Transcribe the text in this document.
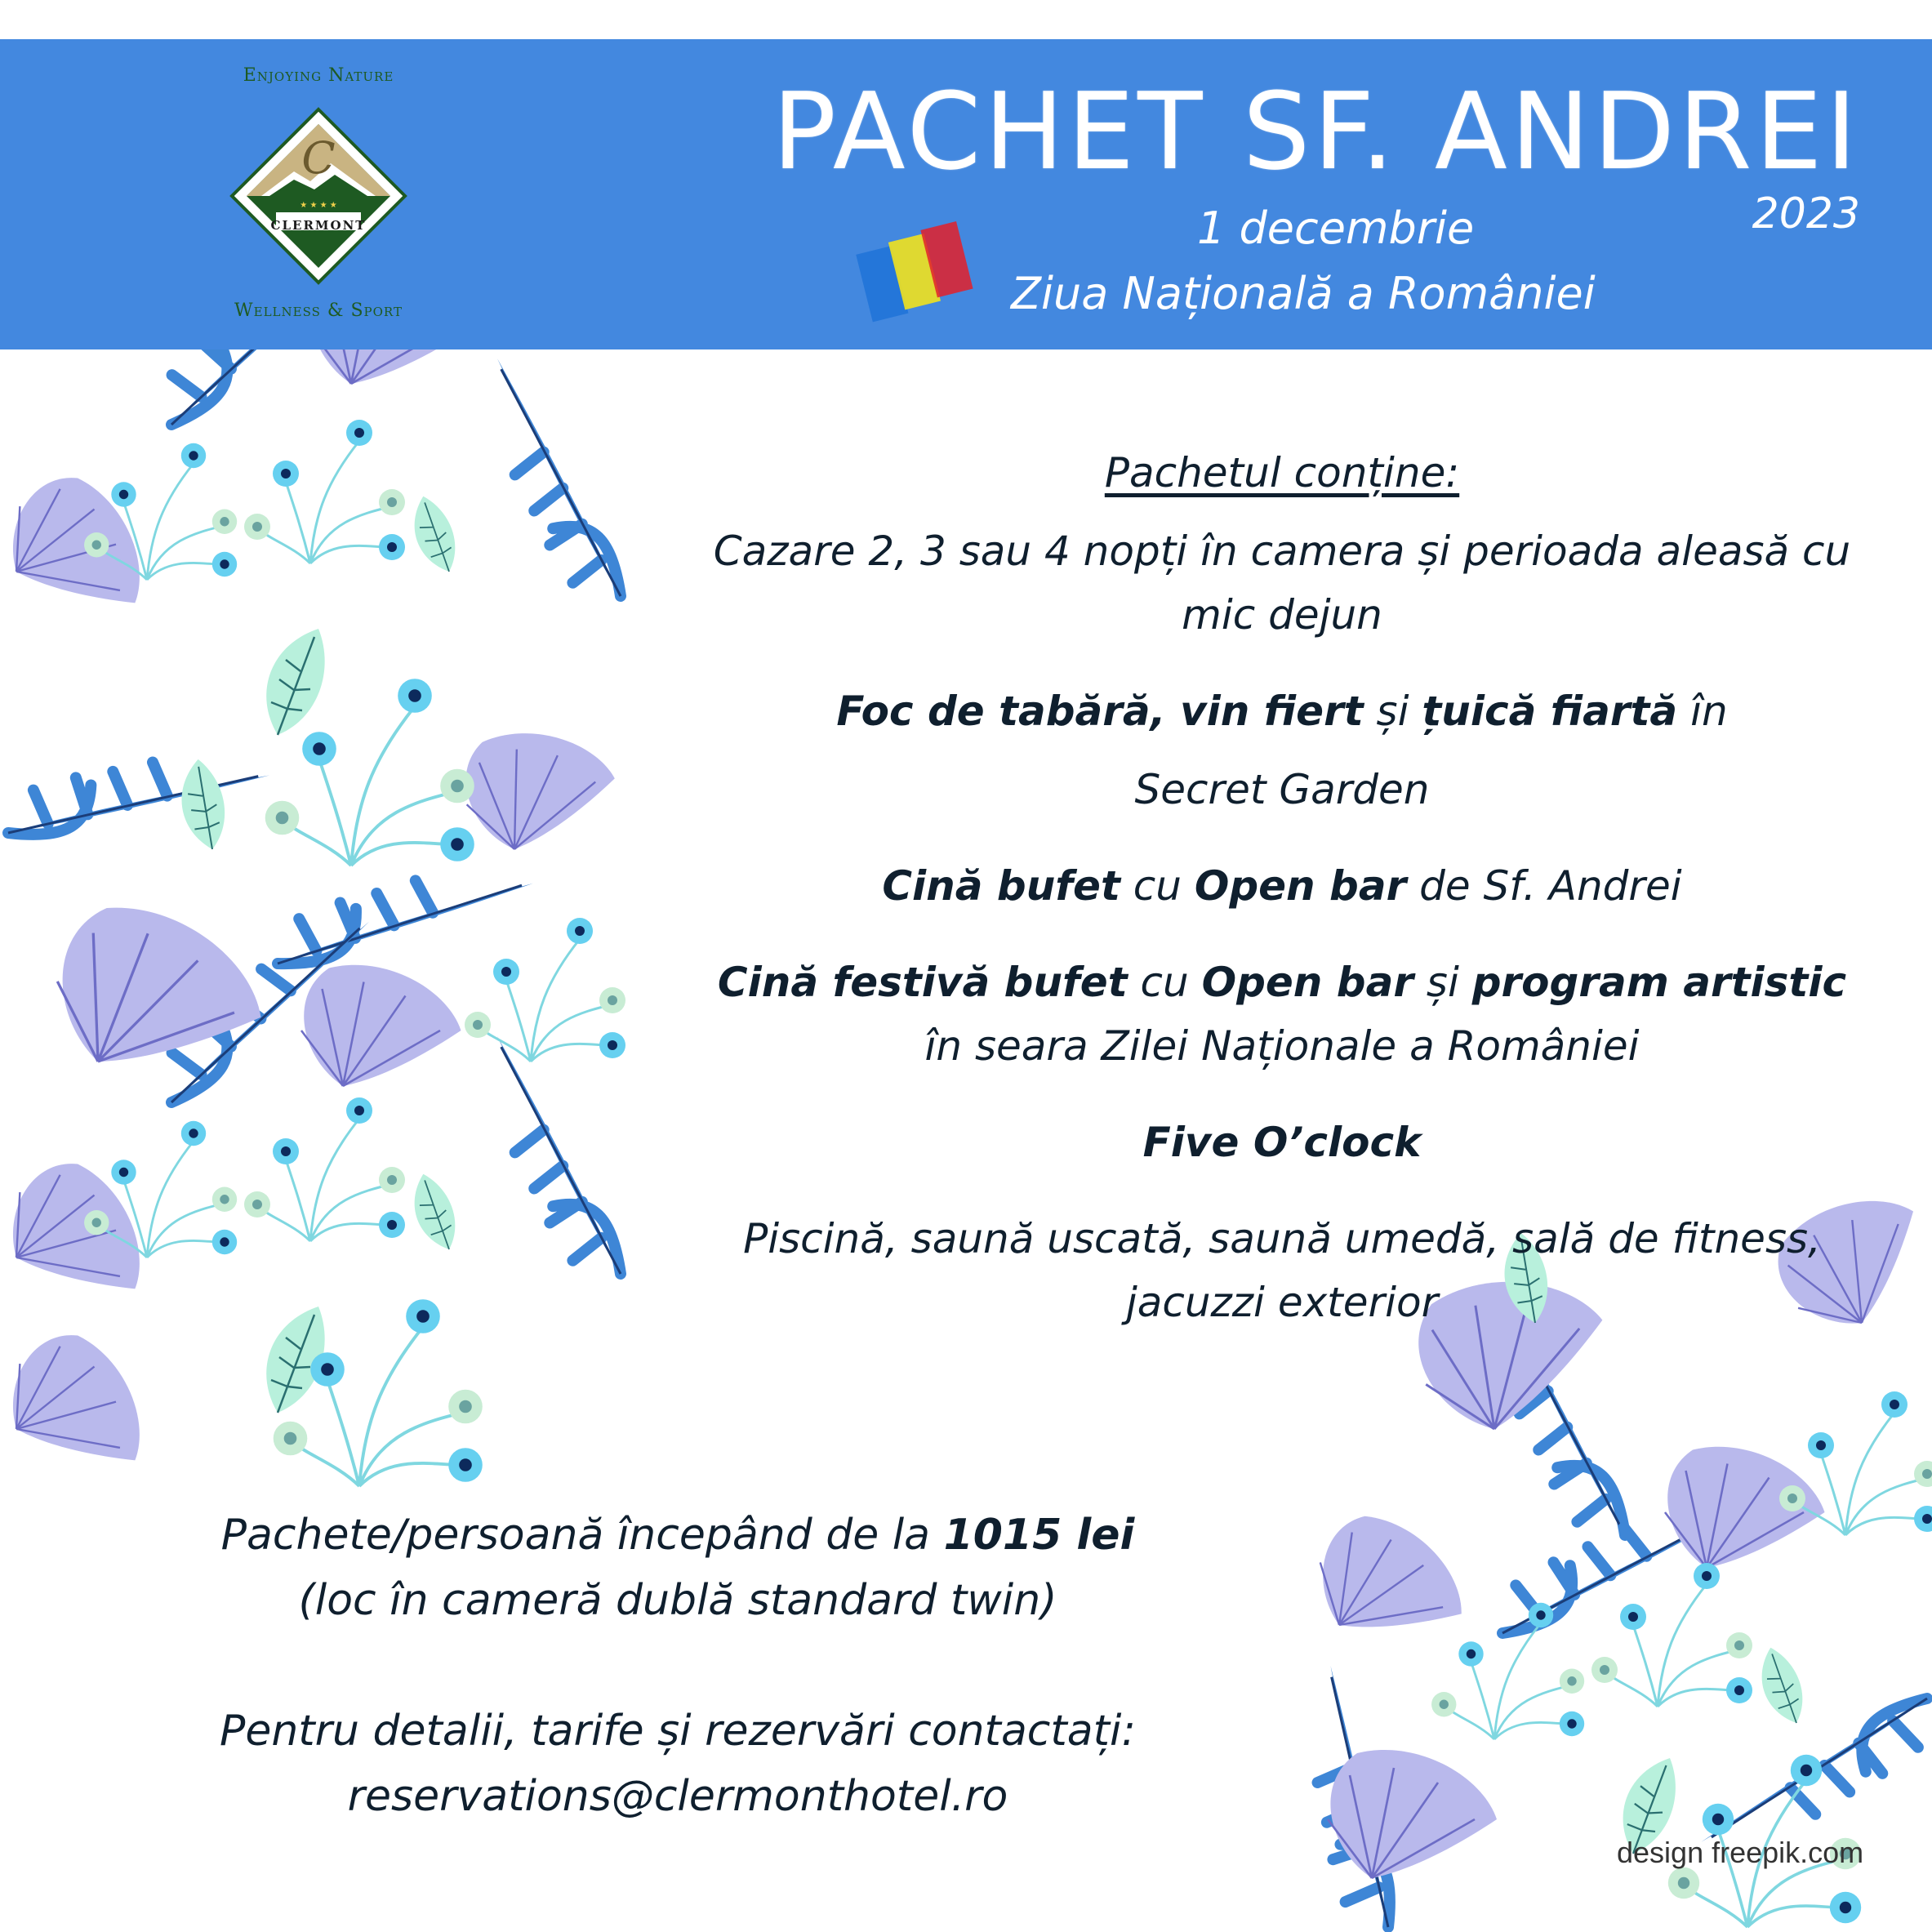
Enjoying Nature
C
★ ★ ★ ★
CLERMONT
Wellness & Sport
PACHET SF. ANDREI
2023
1 decembrie
Ziua Națională a României

Pachetul conține:

Cazare 2, 3 sau 4 nopți în camera și perioada aleasă cu mic dejun

Foc de tabără, vin fiert și țuică fiartă în

Secret Garden

Cină bufet cu Open bar de Sf. Andrei

Cină festivă bufet cu Open bar și program artistic

în seara Zilei Naționale a României

Five O’clock

Piscină, saună uscată, saună umedă, sală de fitness, jacuzzi exterior

Pachete/persoană începând de la 1015 lei

(loc în cameră dublă standard twin)

Pentru detalii, tarife și rezervări contactați:

reservations@clermonthotel.ro

design freepik.com
